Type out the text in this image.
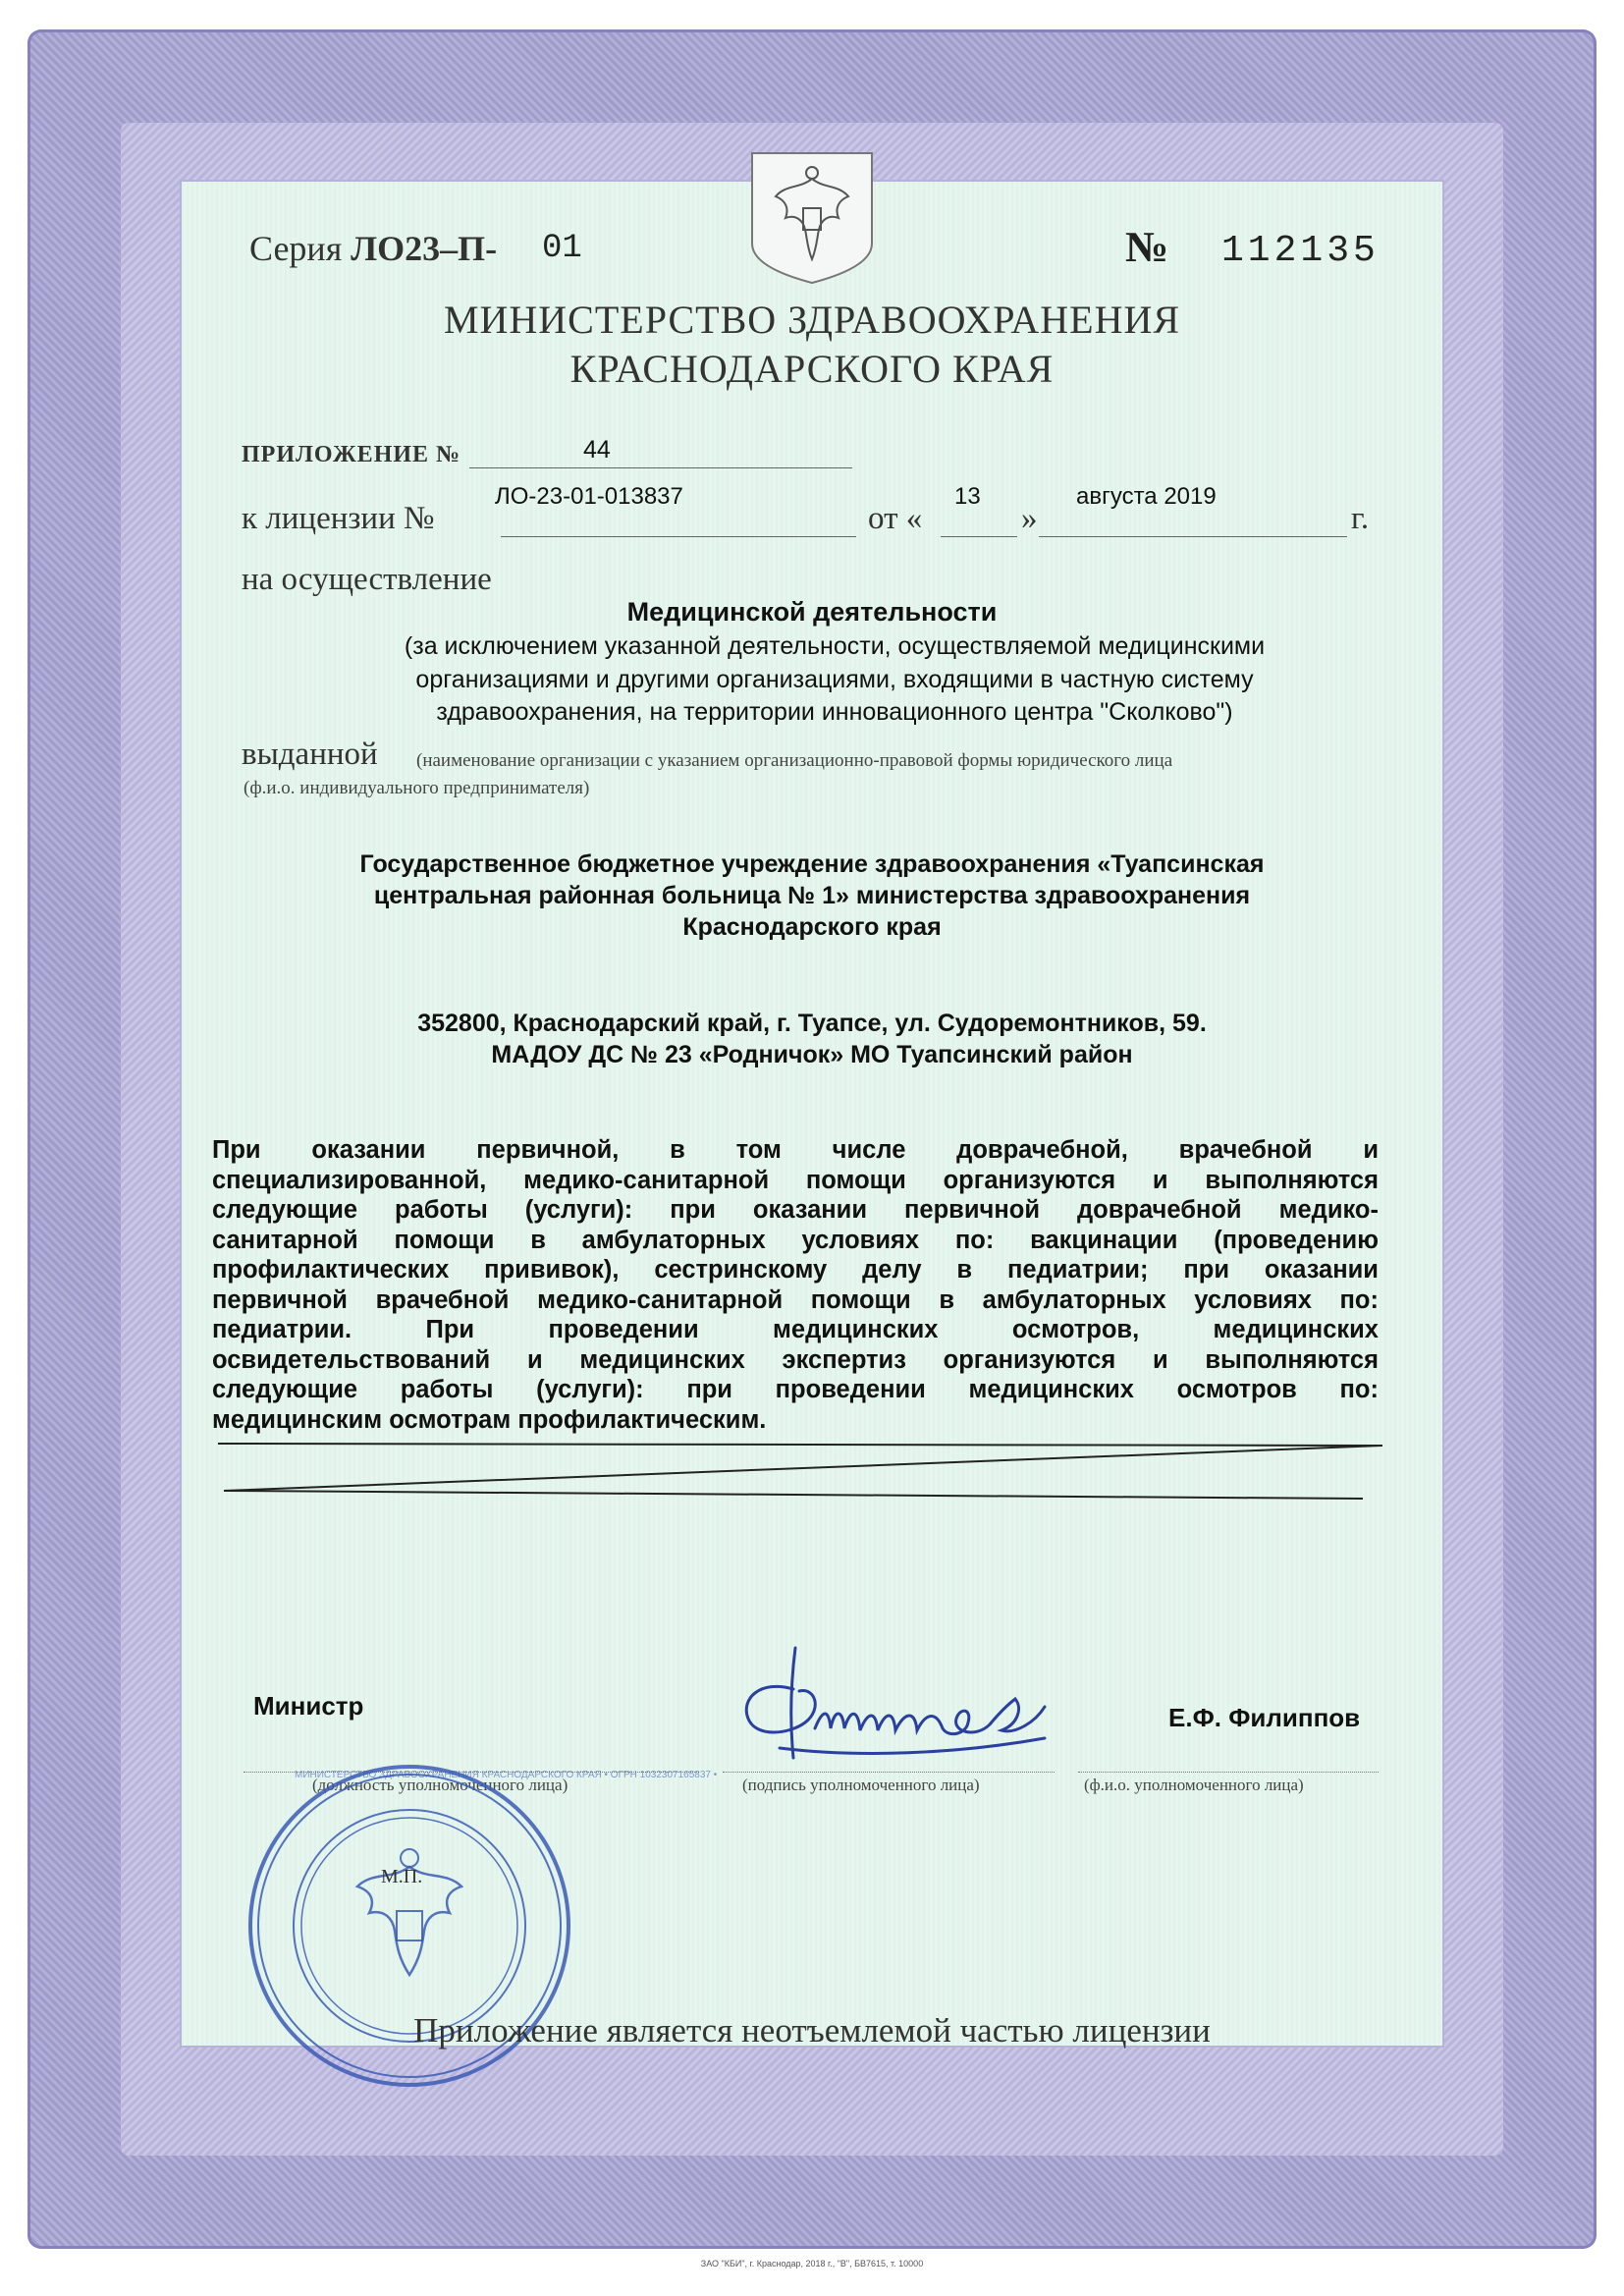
Серия ЛО23–П- 01	№ 112135
МИНИСТЕРСТВО ЗДРАВООХРАНЕНИЯ
КРАСНОДАРСКОГО КРАЯ
ПРИЛОЖЕНИЕ №	44
к лицензии №
ЛО-23-01-013837
от «
13
»
августа 2019
г.
на осуществление
Медицинской деятельности
(за исключением указанной деятельности, осуществляемой медицинскими
организациями и другими организациями, входящими в частную систему
здравоохранения, на территории инновационного центра "Сколково")
выданной (наименование организации с указанием организационно-правовой формы юридического лица
(ф.и.о. индивидуального предпринимателя)
Государственное бюджетное учреждение здравоохранения «Туапсинская
центральная районная больница № 1» министерства здравоохранения
Краснодарского края
352800, Краснодарский край, г. Туапсе, ул. Судоремонтников, 59.
МАДОУ ДС № 23 «Родничок» МО Туапсинский район
При оказании первичной, в том числе доврачебной, врачебной и
специализированной, медико-санитарной помощи организуются и выполняются
следующие работы (услуги): при оказании первичной доврачебной медико-
санитарной помощи в амбулаторных условиях по: вакцинации (проведению
профилактических прививок), сестринскому делу в педиатрии; при оказании
первичной врачебной медико-санитарной помощи в амбулаторных условиях по:
педиатрии. При проведении медицинских осмотров, медицинских
освидетельствований и медицинских экспертиз организуются и выполняются
следующие работы (услуги): при проведении медицинских осмотров по:
медицинским осмотрам профилактическим.
Министр	Е.Ф. Филиппов
(должность уполномоченного лица)	(подпись уполномоченного лица)	(ф.и.о. уполномоченного лица)
МИНИСТЕРСТВО ЗДРАВООХРАНЕНИЯ КРАСНОДАРСКОГО КРАЯ • ОГРН 1032307165837 •
М.П.
Приложение является неотъемлемой частью лицензии
ЗАО "КБИ", г. Краснодар, 2018 г., "В", БВ7615, т. 10000
